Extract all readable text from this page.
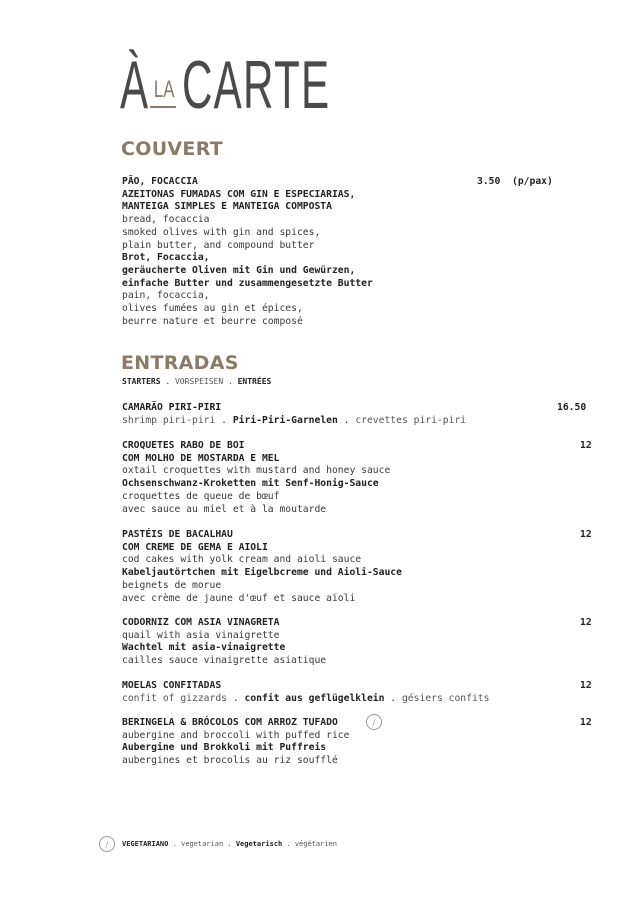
À LA CARTE
COUVERT
3.50  (p/pax)
PÃO, FOCACCIA
AZEITONAS FUMADAS COM GIN E ESPECIARIAS,
MANTEIGA SIMPLES E MANTEIGA COMPOSTA
bread, focaccia
smoked olives with gin and spices,
plain butter, and compound butter
Brot, Focaccia,
geräucherte Oliven mit Gin und Gewürzen,
einfache Butter und zusammengesetzte Butter
pain, focaccia,
olives fumées au gin et épices,
beurre nature et beurre composé
ENTRADAS
STARTERS . VORSPEISEN . ENTRÉES
16.50
CAMARÃO PIRI-PIRI
shrimp piri-piri . Piri-Piri-Garnelen . crevettes piri-piri
12
CROQUETES RABO DE BOI
COM MOLHO DE MOSTARDA E MEL
oxtail croquettes with mustard and honey sauce
Ochsenschwanz-Kroketten mit Senf-Honig-Sauce
croquettes de queue de bœuf
avec sauce au miel et à la moutarde
12
PASTÉIS DE BACALHAU
COM CREME DE GEMA E AIOLI
cod cakes with yolk cream and aioli sauce
Kabeljautörtchen mit Eigelbcreme und Aioli-Sauce
beignets de morue
avec crème de jaune d'œuf et sauce aïoli
12
CODORNIZ COM ASIA VINAGRETA
quail with asia vinaigrette
Wachtel mit asia-vinaigrette
cailles sauce vinaigrette asiatique
12
MOELAS CONFITADAS
confit of gizzards . confit aus geflügelklein . gésiers confits
12
BERINGELA & BRÓCOLOS COM ARROZ TUFADO	∕
aubergine and broccoli with puffed rice
Aubergine und Brokkoli mit Puffreis
aubergines et brocolis au riz soufflé
∕	VEGETARIANO . vegetarian . Vegetarisch . végétarien
